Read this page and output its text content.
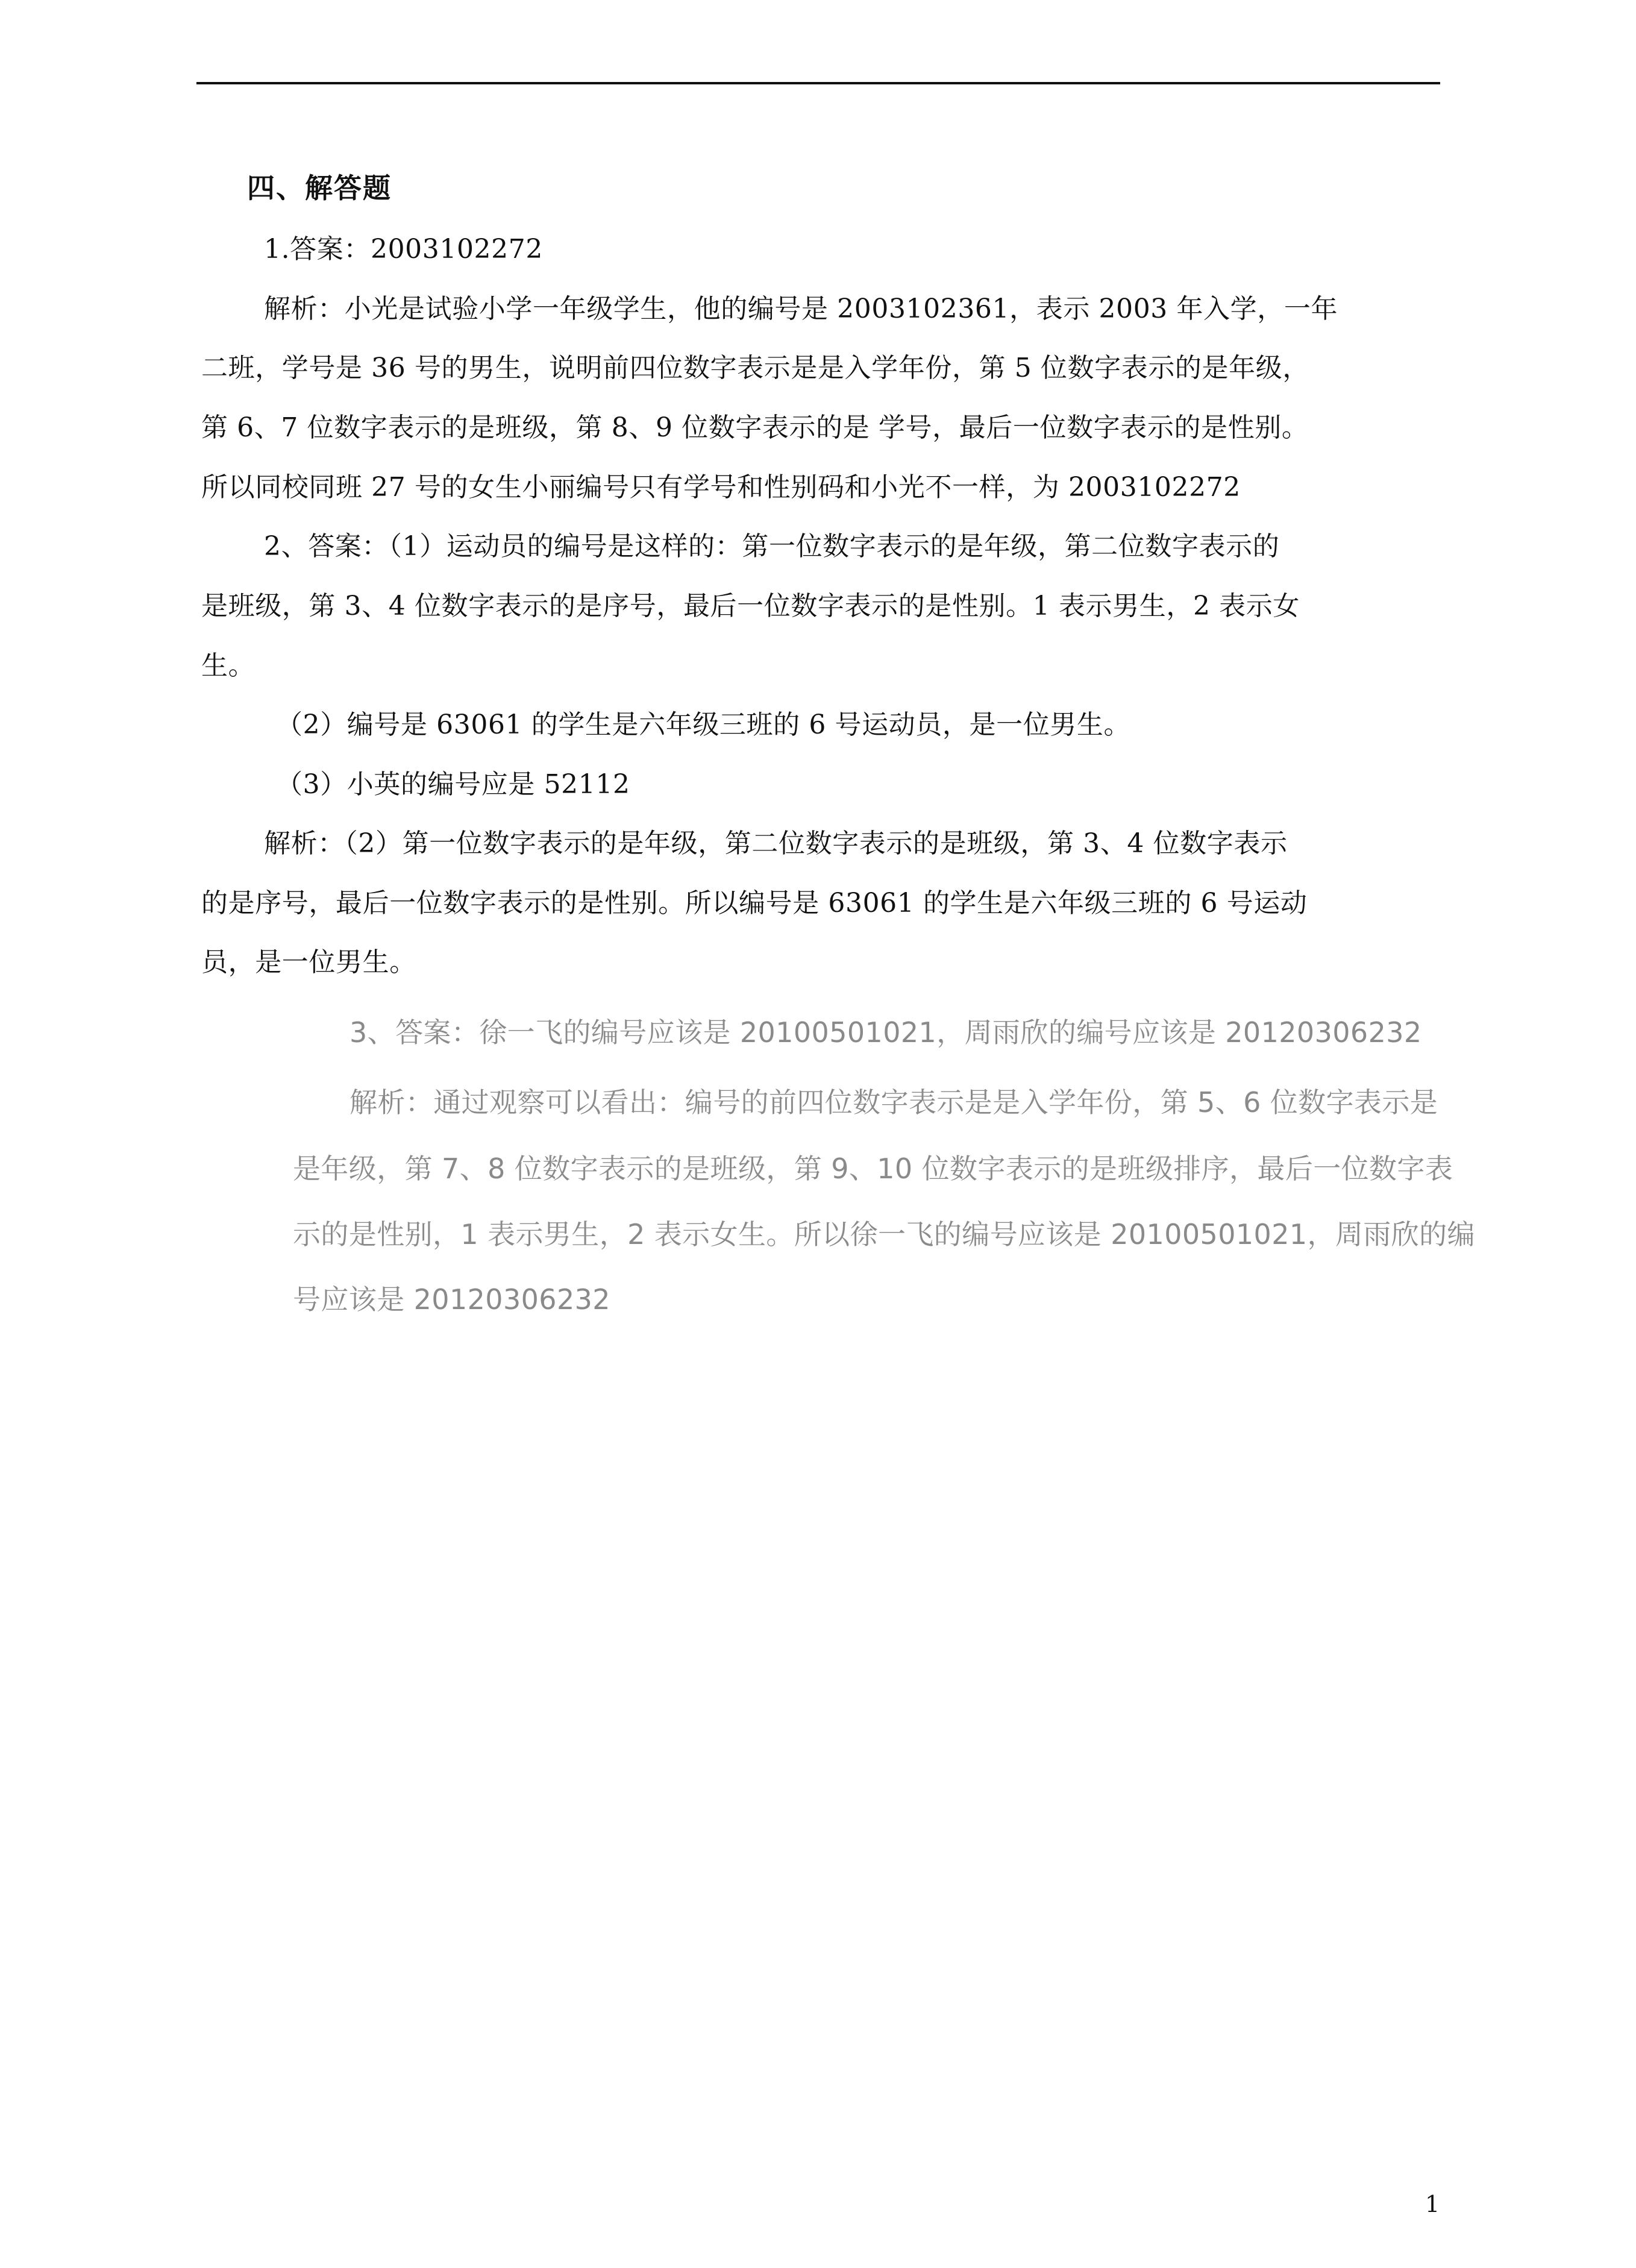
四、解答题
1.答案：2003102272
解析：小光是试验小学一年级学生，他的编号是 2003102361，表示 2003 年入学，一年
二班，学号是 36 号的男生，说明前四位数字表示是是入学年份，第 5 位数字表示的是年级，
第 6、7 位数字表示的是班级，第 8、9 位数字表示的是 学号，最后一位数字表示的是性别。
所以同校同班 27 号的女生小丽编号只有学号和性别码和小光不一样，为 2003102272
2、答案：（1）运动员的编号是这样的：第一位数字表示的是年级，第二位数字表示的
是班级，第 3、4 位数字表示的是序号，最后一位数字表示的是性别。1 表示男生，2 表示女
生。
（2）编号是 63061 的学生是六年级三班的 6 号运动员，是一位男生。
（3）小英的编号应是 52112
解析：（2）第一位数字表示的是年级，第二位数字表示的是班级，第 3、4 位数字表示
的是序号，最后一位数字表示的是性别。所以编号是 63061 的学生是六年级三班的 6 号运动
员，是一位男生。
3、答案：徐一飞的编号应该是 20100501021，周雨欣的编号应该是 20120306232
解析：通过观察可以看出：编号的前四位数字表示是是入学年份，第 5、6 位数字表示是
是年级，第 7、8 位数字表示的是班级，第 9、10 位数字表示的是班级排序，最后一位数字表
示的是性别，1 表示男生，2 表示女生。所以徐一飞的编号应该是 20100501021，周雨欣的编
号应该是 20120306232
1
